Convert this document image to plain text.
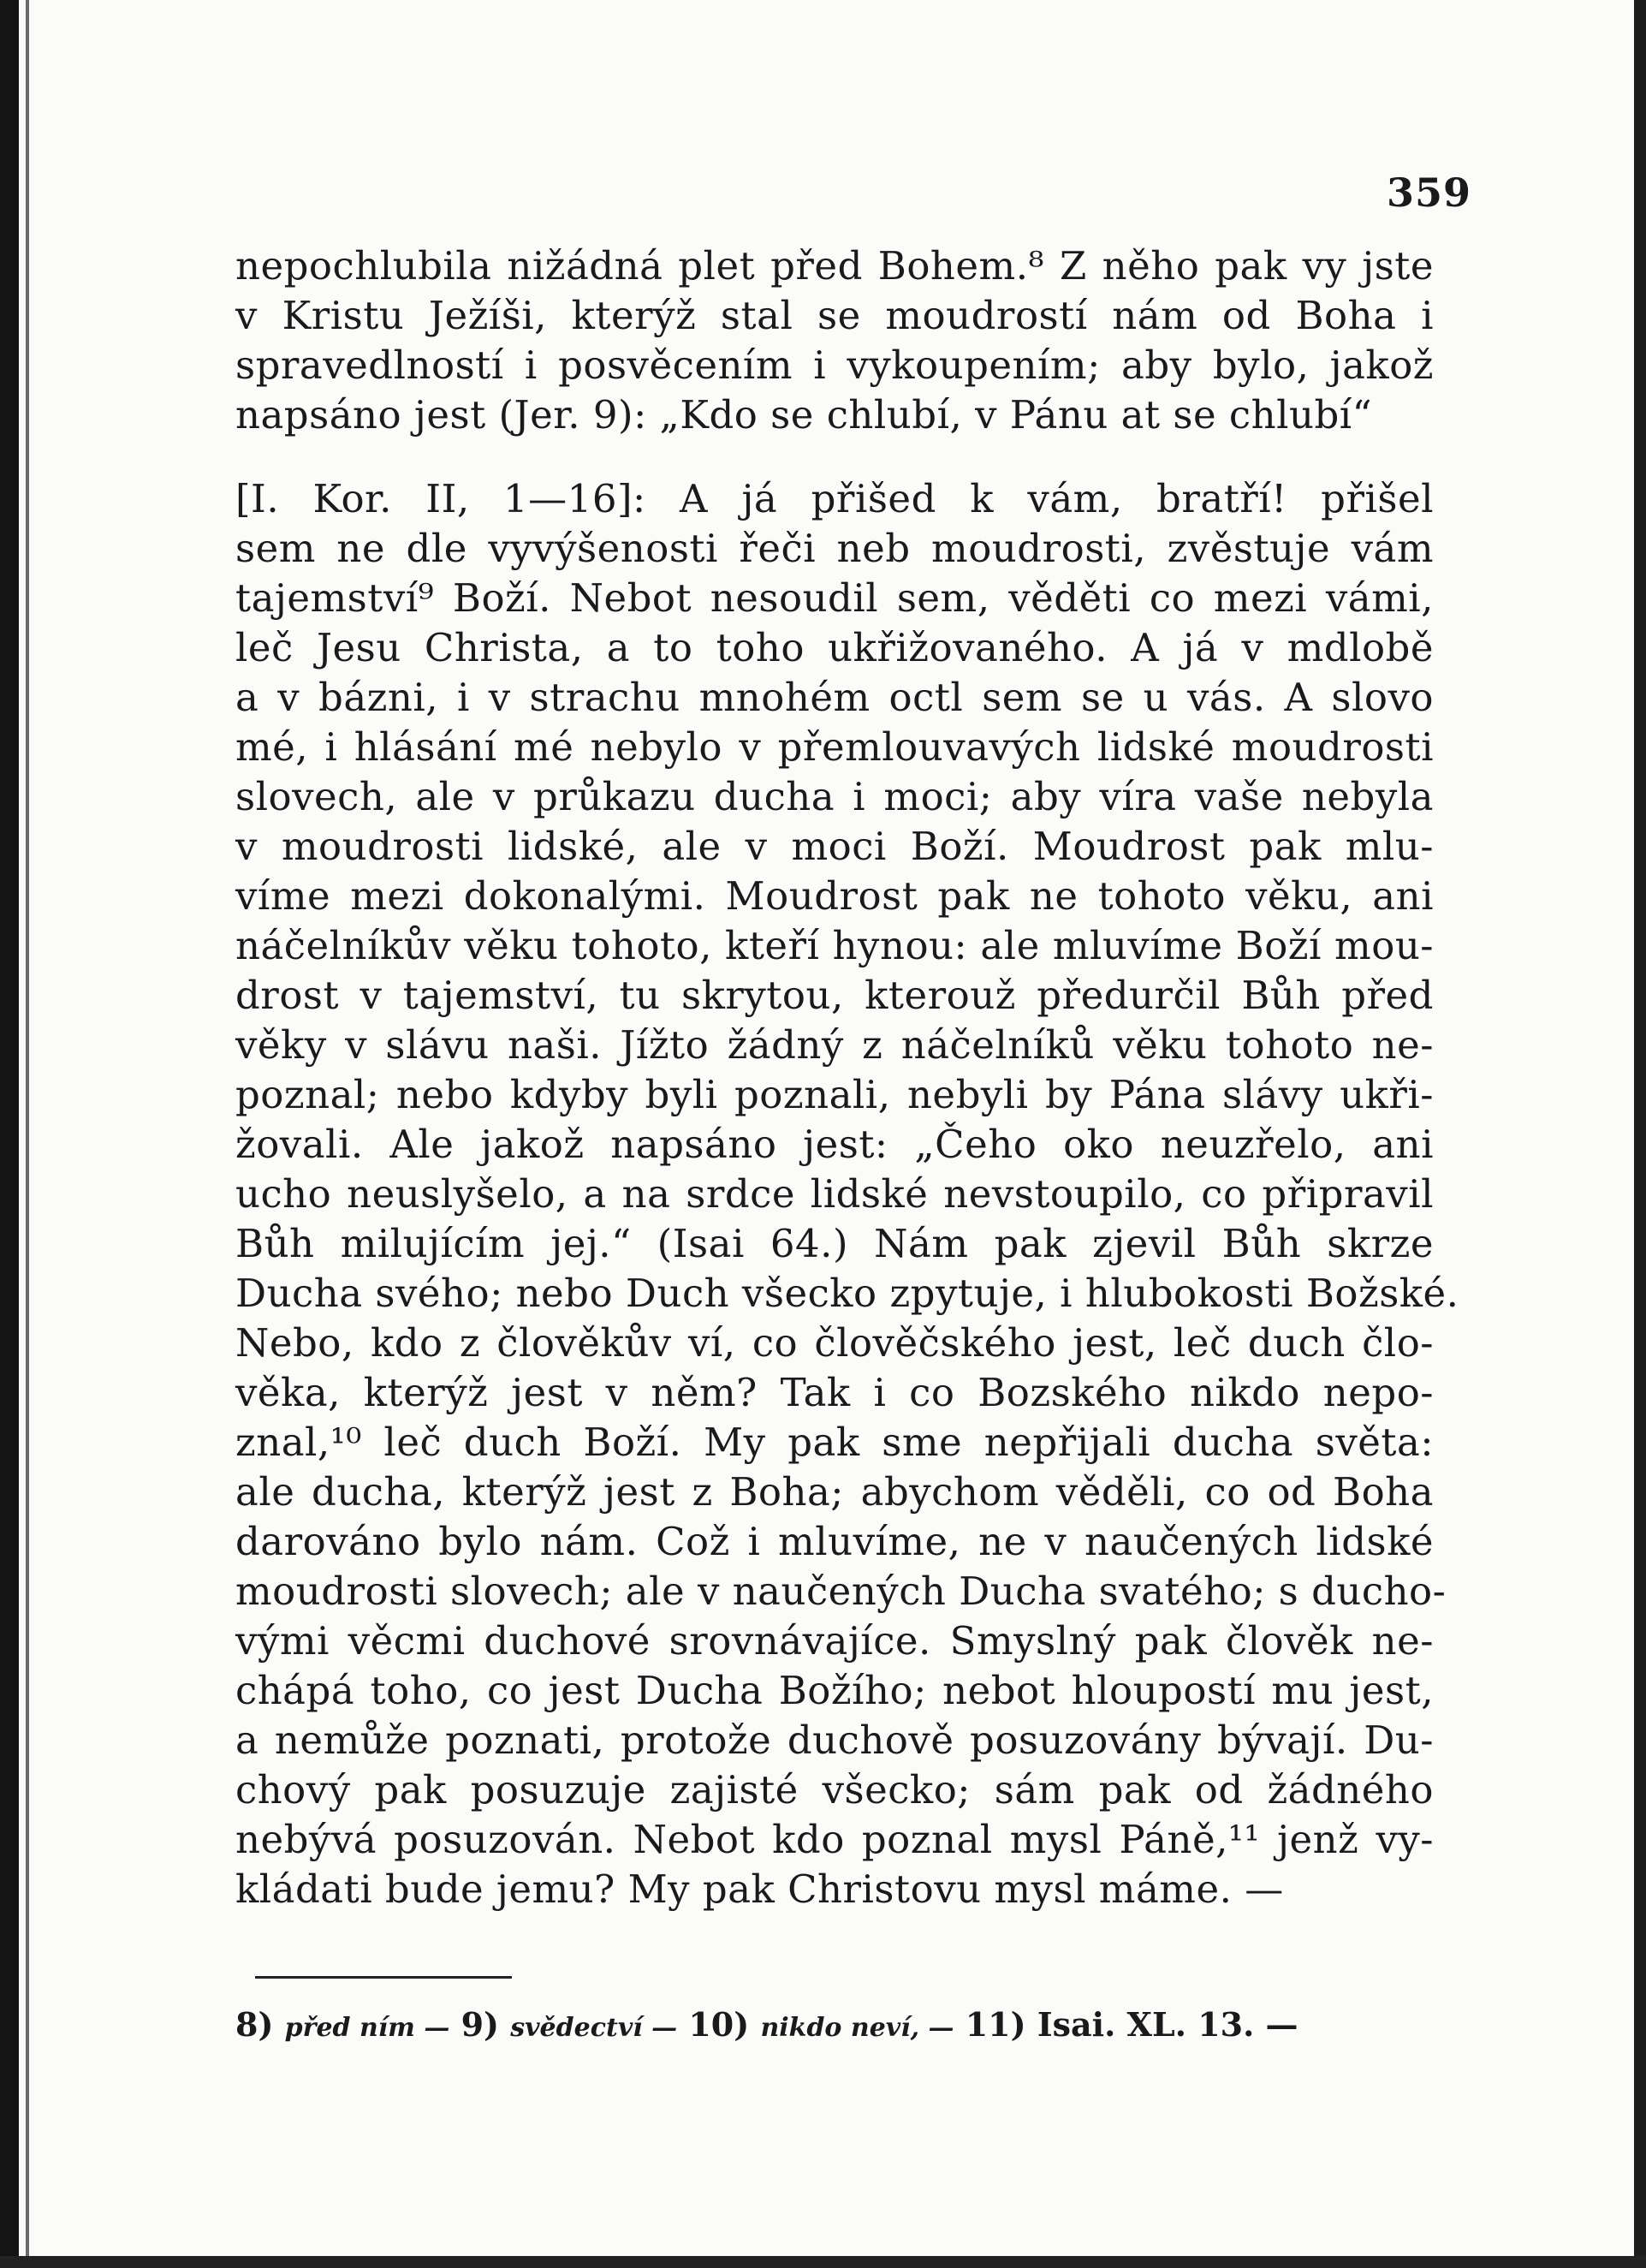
359
nepochlubila nižádná plet před Bohem.⁸ Z něho pak vy jste
v Kristu Ježíši, kterýž stal se moudrostí nám od Boha i
spravedlností i posvěcením i vykoupením; aby bylo, jakož
napsáno jest (Jer. 9): „Kdo se chlubí, v Pánu at se chlubí“
[I. Kor. II, 1—16]: A já přišed k vám, bratří! přišel
sem ne dle vyvýšenosti řeči neb moudrosti, zvěstuje vám
tajemství⁹ Boží. Nebot nesoudil sem, věděti co mezi vámi,
leč Jesu Christa, a to toho ukřižovaného. A já v mdlobě
a v bázni, i v strachu mnohém octl sem se u vás. A slovo
mé, i hlásání mé nebylo v přemlouvavých lidské moudrosti
slovech, ale v průkazu ducha i moci; aby víra vaše nebyla
v moudrosti lidské, ale v moci Boží. Moudrost pak mlu-
víme mezi dokonalými. Moudrost pak ne tohoto věku, ani
náčelníkův věku tohoto, kteří hynou: ale mluvíme Boží mou-
drost v tajemství, tu skrytou, kterouž předurčil Bůh před
věky v slávu naši. Jížto žádný z náčelníků věku tohoto ne-
poznal; nebo kdyby byli poznali, nebyli by Pána slávy ukři-
žovali. Ale jakož napsáno jest: „Čeho oko neuzřelo, ani
ucho neuslyšelo, a na srdce lidské nevstoupilo, co připravil
Bůh milujícím jej.“ (Isai 64.) Nám pak zjevil Bůh skrze
Ducha svého; nebo Duch všecko zpytuje, i hlubokosti Božské.
Nebo, kdo z člověkův ví, co člověčského jest, leč duch člo-
věka, kterýž jest v něm? Tak i co Bozského nikdo nepo-
znal,¹⁰ leč duch Boží. My pak sme nepřijali ducha světa:
ale ducha, kterýž jest z Boha; abychom věděli, co od Boha
darováno bylo nám. Což i mluvíme, ne v naučených lidské
moudrosti slovech; ale v naučených Ducha svatého; s ducho-
vými věcmi duchové srovnávajíce. Smyslný pak člověk ne-
chápá toho, co jest Ducha Božího; nebot hloupostí mu jest,
a nemůže poznati, protože duchově posuzovány bývají. Du-
chový pak posuzuje zajisté všecko; sám pak od žádného
nebývá posuzován. Nebot kdo poznal mysl Páně,¹¹ jenž vy-
kládati bude jemu? My pak Christovu mysl máme. —
8) před ním — 9) svědectví — 10) nikdo neví, — 11) Isai. XL. 13. —
